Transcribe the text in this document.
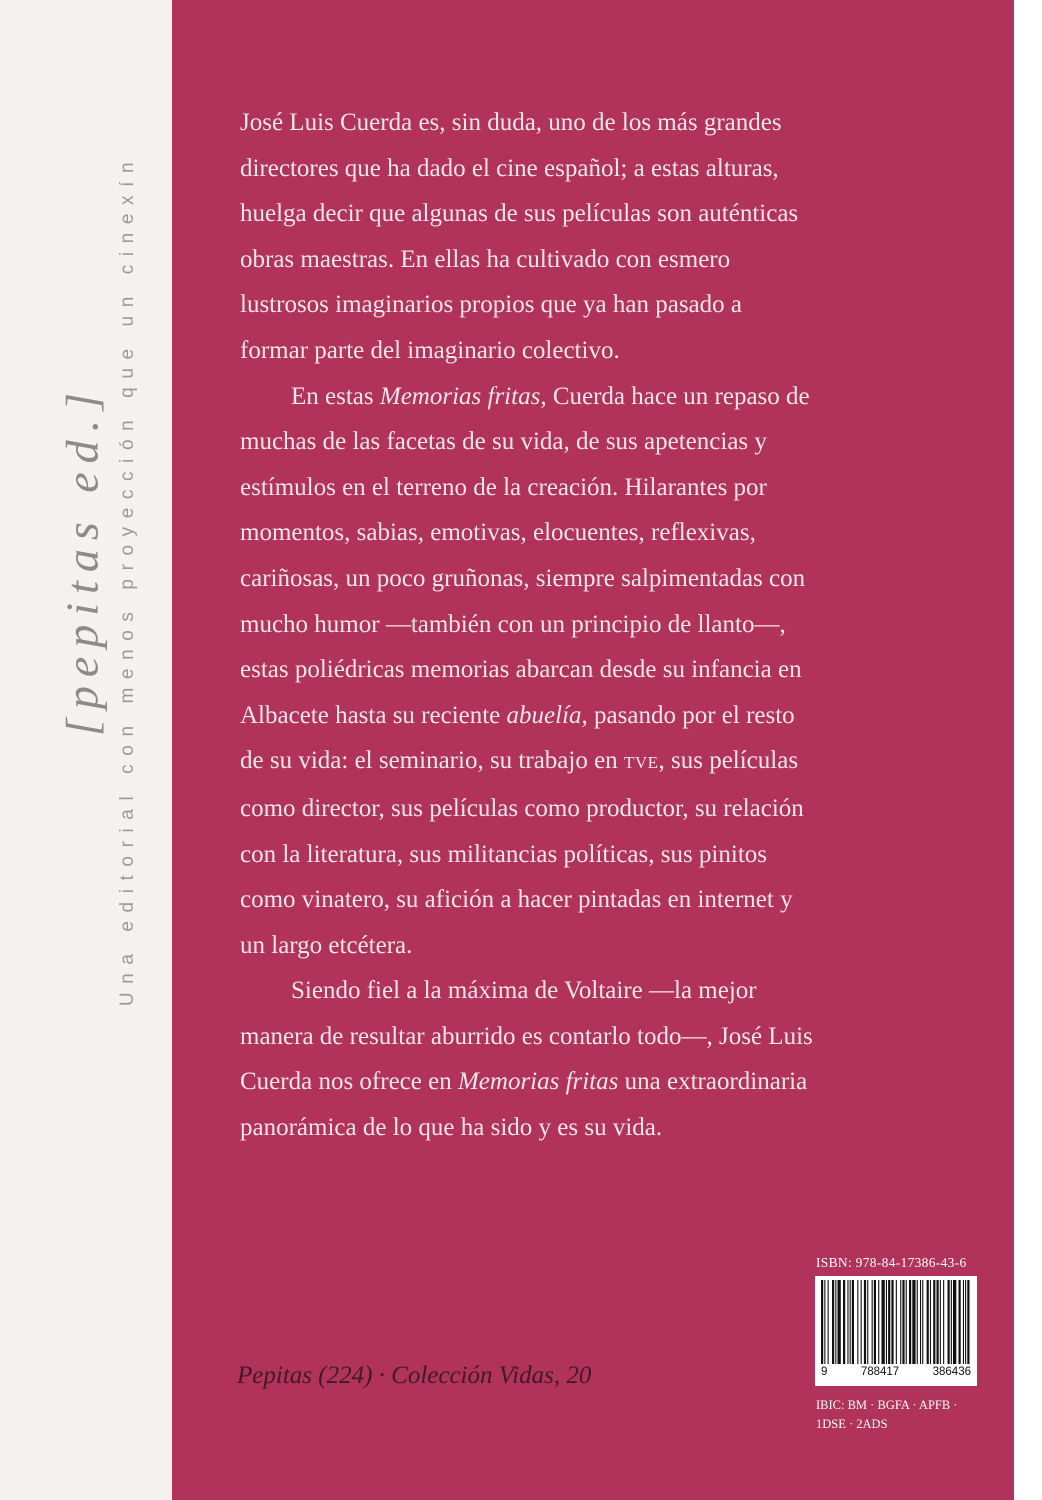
[pepitas ed.] Una editorial con menos proyección que un cinexín

José Luis Cuerda es, sin duda, uno de los más grandes
directores que ha dado el cine español; a estas alturas,
huelga decir que algunas de sus películas son auténticas
obras maestras. En ellas ha cultivado con esmero
lustrosos imaginarios propios que ya han pasado a
formar parte del imaginario colectivo.

En estas Memorias fritas, Cuerda hace un repaso de
muchas de las facetas de su vida, de sus apetencias y
estímulos en el terreno de la creación. Hilarantes por
momentos, sabias, emotivas, elocuentes, reflexivas,
cariñosas, un poco gruñonas, siempre salpimentadas con
mucho humor —también con un principio de llanto—,
estas poliédricas memorias abarcan desde su infancia en
Albacete hasta su reciente abuelía, pasando por el resto
de su vida: el seminario, su trabajo en TVE, sus películas
como director, sus películas como productor, su relación
con la literatura, sus militancias políticas, sus pinitos
como vinatero, su afición a hacer pintadas en internet y
un largo etcétera.

Siendo fiel a la máxima de Voltaire —la mejor
manera de resultar aburrido es contarlo todo—, José Luis
Cuerda nos ofrece en Memorias fritas una extraordinaria
panorámica de lo que ha sido y es su vida.

Pepitas (224) · Colección Vidas, 20
ISBN: 978-84-17386-43-6
9	788417	386436
IBIC: BM · BGFA · APFB ·
1DSE · 2ADS
